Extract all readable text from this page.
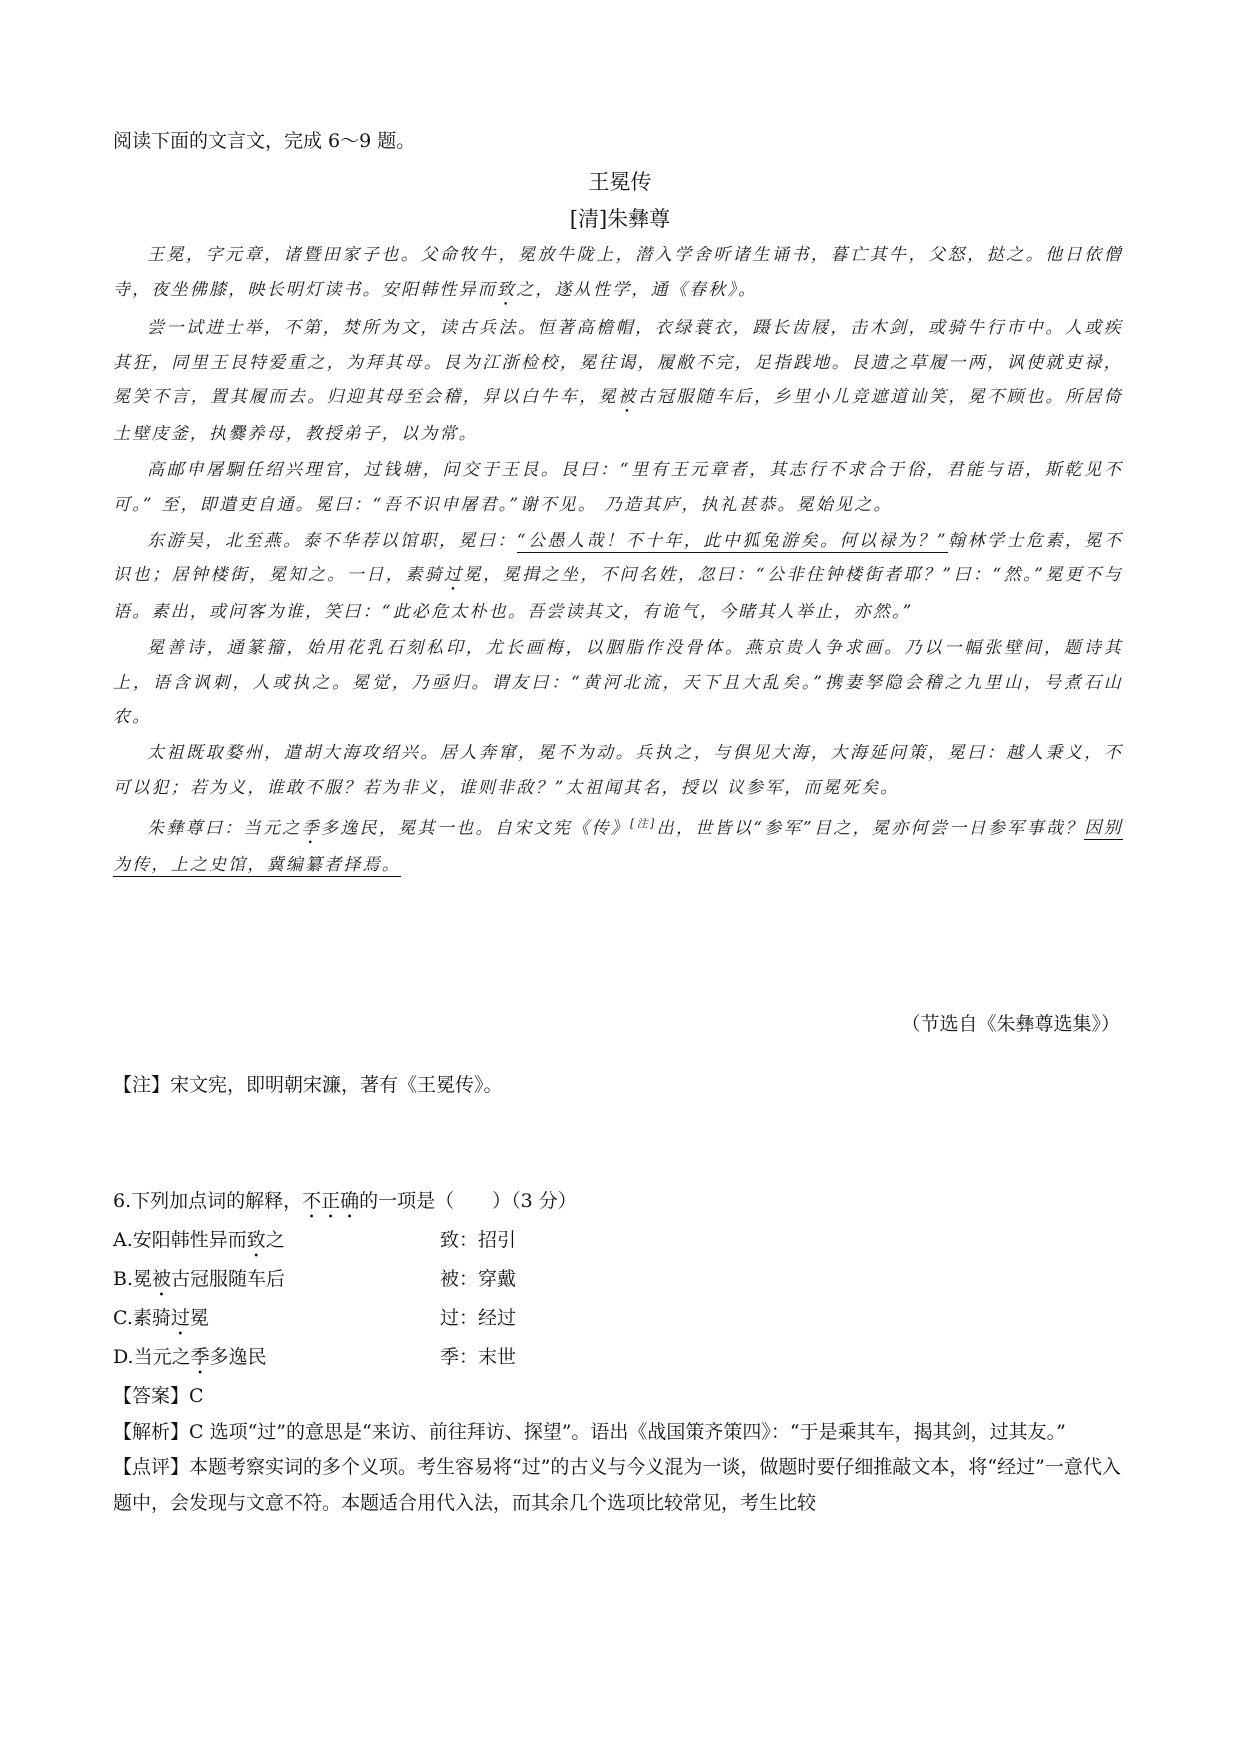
阅读下面的文言文，完成 6～9 题。
王冕传
[清]朱彝尊

王冕，字元章，诸暨田家子也。父命牧牛，冕放牛陇上，潜入学舍听诸生诵书，暮亡其牛，父怒，挞之。他日依僧寺，夜坐佛膝，映长明灯读书。安阳韩性异而致之，遂从性学，通《春秋》。

尝一试进士举，不第，焚所为文，读古兵法。恒著高檐帽，衣绿蓑衣，蹑长齿屐，击木剑，或骑牛行市中。人或疾其狂，同里王艮特爱重之，为拜其母。艮为江浙检校，冕往谒，履敝不完，足指践地。艮遗之草履一两，讽使就吏禄，冕笑不言，置其履而去。归迎其母至会稽，舁以白牛车，冕被古冠服随车后，乡里小儿竞遮道讪笑，冕不顾也。所居倚土壁庋釜，执爨养母，教授弟子，以为常。

高邮申屠駉任绍兴理官，过钱塘，问交于王艮。艮曰：“里有王元章者，其志行不求合于俗，君能与语，斯乾见不可。” 至，即遣吏自通。冕曰：“吾不识申屠君。”谢不见。 乃造其庐，执礼甚恭。冕始见之。

东游吴，北至燕。泰不华荐以馆职，冕曰：“公愚人哉！不十年，此中狐兔游矣。何以禄为？”翰林学士危素，冕不识也；居钟楼街，冕知之。一日，素骑过冕，冕揖之坐，不问名姓，忽曰：“公非住钟楼街者耶？”曰：“然。”冕更不与语。素出，或问客为谁，笑曰：“此必危太朴也。吾尝读其文，有诡气，今睹其人举止，亦然。”

冕善诗，通篆籀，始用花乳石刻私印，尤长画梅，以胭脂作没骨体。燕京贵人争求画。乃以一幅张壁间，题诗其上，语含讽刺，人或执之。冕觉，乃亟归。谓友曰：“黄河北流，天下且大乱矣。”携妻孥隐会稽之九里山，号煮石山农。

太祖既取婺州，遣胡大海攻绍兴。居人奔窜，冕不为动。兵执之，与俱见大海，大海延问策，冕曰：越人秉义，不可以犯；若为义，谁敢不服？若为非义，谁则非敌？”太祖闻其名，授以 议参军，而冕死矣。

朱彝尊曰：当元之季多逸民，冕其一也。自宋文宪《传》[注]出，世皆以“参军”目之，冕亦何尝一日参军事哉？因别为传，上之史馆，冀编纂者择焉。

（节选自《朱彝尊选集》）
【注】宋文宪，即明朝宋濂，著有《王冕传》。

6.下列加点词的解释，不正确的一项是（　　）（3 分）

A.安阳韩性异而致之	致：招引
B.冕被古冠服随车后	被：穿戴
C.素骑过冕	过：经过
D.当元之季多逸民	季：末世

【答案】C

【解析】C 选项“过”的意思是“来访、前往拜访、探望”。语出《战国策齐策四》：“于是乘其车，揭其剑，过其友。”

【点评】本题考察实词的多个义项。考生容易将“过”的古义与今义混为一谈，做题时要仔细推敲文本，将“经过”一意代入题中，会发现与文意不符。本题适合用代入法，而其余几个选项比较常见，考生比较
